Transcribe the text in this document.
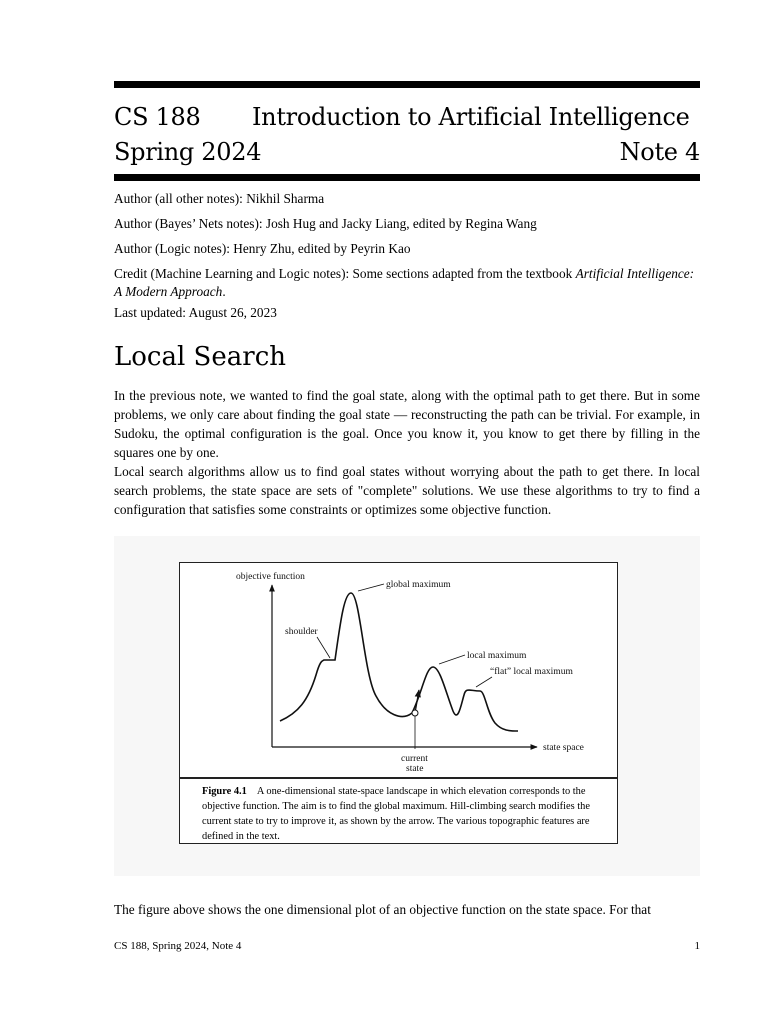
CS 188 Introduction to Artificial Intelligence
Spring 2024	Note 4
Author (all other notes): Nikhil Sharma
Author (Bayes’ Nets notes): Josh Hug and Jacky Liang, edited by Regina Wang
Author (Logic notes): Henry Zhu, edited by Peyrin Kao
Credit (Machine Learning and Logic notes): Some sections adapted from the textbook Artificial Intelligence: A Modern Approach.
Last updated: August 26, 2023
Local Search

In the previous note, we wanted to find the goal state, along with the optimal path to get there. But in some problems, we only care about finding the goal state — reconstructing the path can be trivial. For example, in Sudoku, the optimal configuration is the goal. Once you know it, you know to get there by filling in the squares one by one.

Local search algorithms allow us to find goal states without worrying about the path to get there. In local search problems, the state space are sets of "complete" solutions. We use these algorithms to try to find a configuration that satisfies some constraints or optimizes some objective function.

objective function
global maximum
shoulder
local maximum
“flat” local maximum
state space
current
state
Figure 4.1 A one-dimensional state-space landscape in which elevation corresponds to the objective function. The aim is to find the global maximum. Hill-climbing search modifies the current state to try to improve it, as shown by the arrow. The various topographic features are defined in the text.

The figure above shows the one dimensional plot of an objective function on the state space. For that

CS 188, Spring 2024, Note 4	1
